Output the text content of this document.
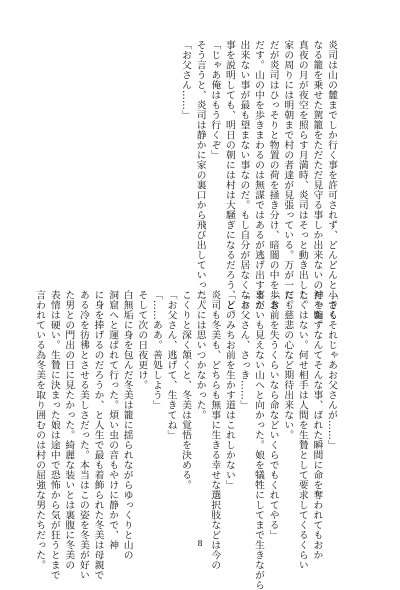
炎司は山の麓までしか行く事を許可されず、どんどんと小さく
なる籠を乗せた駕籠をただただ見守る事しか出来ないのだった。
真夜の月が夜空を照らす月満時、炎司はそっと動き出した。
家の周りには明朝まで村の者達が見張っている。万が一にも
だが炎司はひっそりと物置の荷を掻き分け、暗闇の中を歩き
だす。山の中を歩きまわるのは無謀ではあるが逃げ出す事が
出来ない事が最も望まない事なのだ。もし自分が居なくなり
事を説明しても、明日の朝には村は大騒ぎになるだろう、と。
「じゃあ俺はもう行くぞ」
そう言うと、炎司は静かに家の裏口から飛び出していった。
「お父さん……」
「でもそれじゃあお父さんが……」
神を騙すなんてそんな事、ばれた瞬間に命を奪われてもおか
しくはない。何せ相手は人間を生贄として要求してくるくらい
だ。慈悲の心など期待出来ない。
「お前を失うくらいなら命などいくらでもくれてやる」
えたいも見えない山へと向かった。娘を犠牲にしてまで生きながら
「お父さん、さっき……」
「どのみちお前を生かす道はこれしかない」
炎司も冬美も、どちらも無事に生きる幸せな選択肢などは今の
二人には思いつかなかった。
こくりと深く頷くと、冬美は覚悟を決める。
「お父さん、逃げて、生きてね」
「……ああ。善処しよう」
そして次の日夜更け。
白無垢に身を包んだ冬美は籠に揺られながらゆっくりと山の
洞窟へと運ばれて行った。煩い虫の音もやけに静かで、神
に身を捧げるのだろうか、と人生で最も着飾られた冬美は母親で
ある冷を彷彿とさせる美しさだった。本当はこの姿を冬美が好い
た男との門出の日に見たかった。綺麗な装いとは裏腹に冬美の
表情は硬い。生贄に決まった娘は途中で恐怖から気が狂うとまで
言われている為冬美を取り囲むのは村の屈強な男たちだった。	8
